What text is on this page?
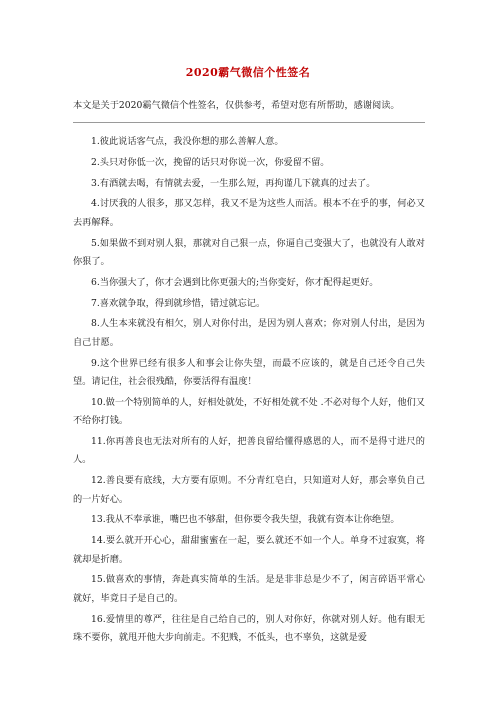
2020霸气微信个性签名
本文是关于2020霸气微信个性签名，仅供参考，希望对您有所帮助，感谢阅读。

1.彼此说话客气点，我没你想的那么善解人意。

2.头只对你低一次，挽留的话只对你说一次，你爱留不留。

3.有酒就去喝，有情就去爱，一生那么短，再拘谨几下就真的过去了。

4.讨厌我的人很多，那又怎样，我又不是为这些人而活。根本不在乎的事，何必又去再解释。

5.如果做不到对别人狠，那就对自己狠一点，你逼自己变强大了，也就没有人敢对你狠了。

6.当你强大了，你才会遇到比你更强大的;当你变好，你才配得起更好。

7.喜欢就争取，得到就珍惜，错过就忘记。

8.人生本来就没有相欠，别人对你付出，是因为别人喜欢；你对别人付出，是因为自己甘愿。

9.这个世界已经有很多人和事会让你失望，而最不应该的，就是自己还令自己失望。请记住，社会很残酷，你要活得有温度！

10.做一个特别简单的人，好相处就处，不好相处就不处 .不必对每个人好，他们又不给你打钱。

11.你再善良也无法对所有的人好，把善良留给懂得感恩的人，而不是得寸进尺的人。

12.善良要有底线，大方要有原则。不分青红皂白，只知道对人好，那会辜负自己的一片好心。

13.我从不奉承谁，嘴巴也不够甜，但你要令我失望，我就有资本让你绝望。

14.要么就开开心心，甜甜蜜蜜在一起，要么就还不如一个人。单身不过寂寞，将就却是折磨。

15.做喜欢的事情，奔赴真实简单的生活。是是非非总是少不了，闲言碎语平常心就好，毕竟日子是自己的。

16.爱情里的尊严，往往是自己给自己的，别人对你好，你就对别人好。他有眼无珠不要你，就甩开他大步向前走。不犯贱，不低头，也不辜负，这就是爱
